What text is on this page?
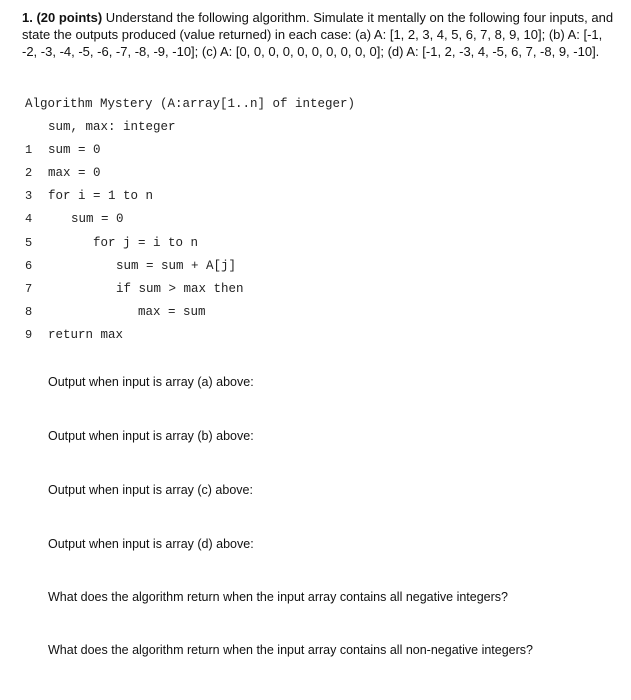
1. (20 points) Understand the following algorithm. Simulate it mentally on the following four inputs, and state the outputs produced (value returned) in each case: (a) A: [1, 2, 3, 4, 5, 6, 7, 8, 9, 10]; (b) A: [-1, -2, -3, -4, -5, -6, -7, -8, -9, -10]; (c) A: [0, 0, 0, 0, 0, 0, 0, 0, 0, 0]; (d) A: [-1, 2, -3, 4, -5, 6, 7, -8, 9, -10].
Algorithm Mystery (A:array[1..n] of integer)
sum, max: integer
1 sum = 0
2 max = 0
3 for i = 1 to n
4	sum = 0
5	for j = i to n
6	sum = sum + A[j]
7	if sum > max then
8	max = sum
9 return max
Output when input is array (a) above:
Output when input is array (b) above:
Output when input is array (c) above:
Output when input is array (d) above:
What does the algorithm return when the input array contains all negative integers?
What does the algorithm return when the input array contains all non-negative integers?
